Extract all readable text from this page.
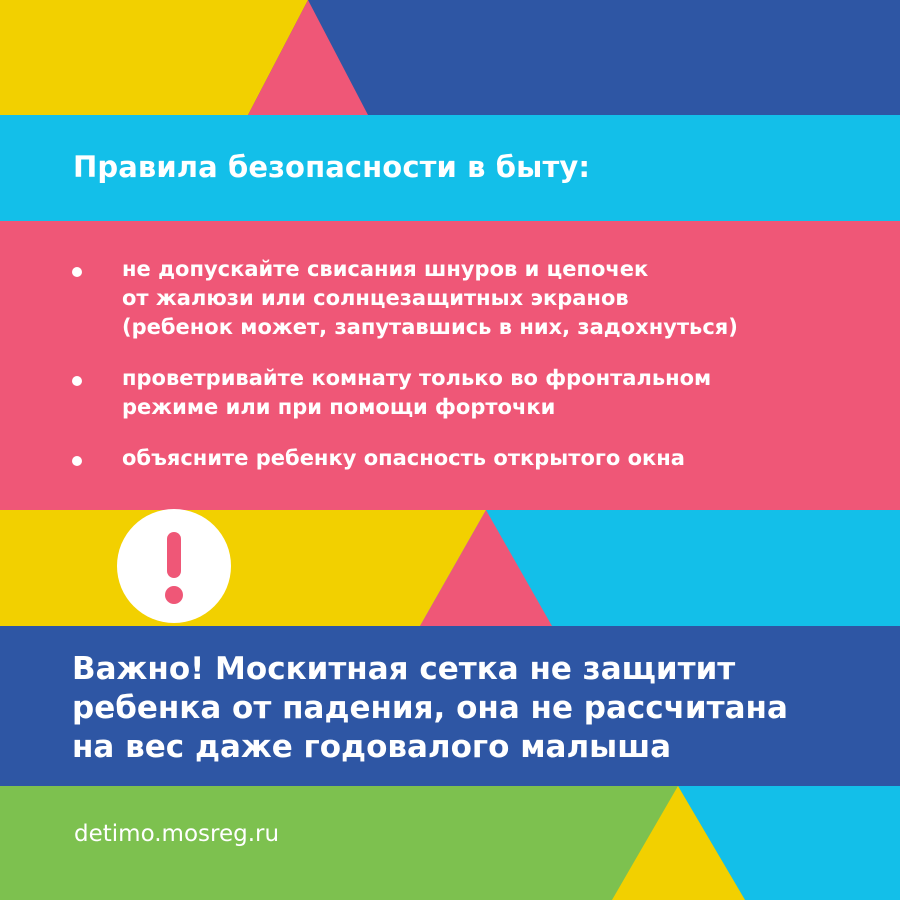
Правила безопасности в быту:
не допускайте свисания шнуров и цепочек
от жалюзи или солнцезащитных экранов
(ребенок может, запутавшись в них, задохнуться)
проветривайте комнату только во фронтальном
режиме или при помощи форточки
объясните ребенку опасность открытого окна

Важно! Москитная сетка не защитит
ребенка от падения, она не рассчитана
на вес даже годовалого малыша

detimo.mosreg.ru
